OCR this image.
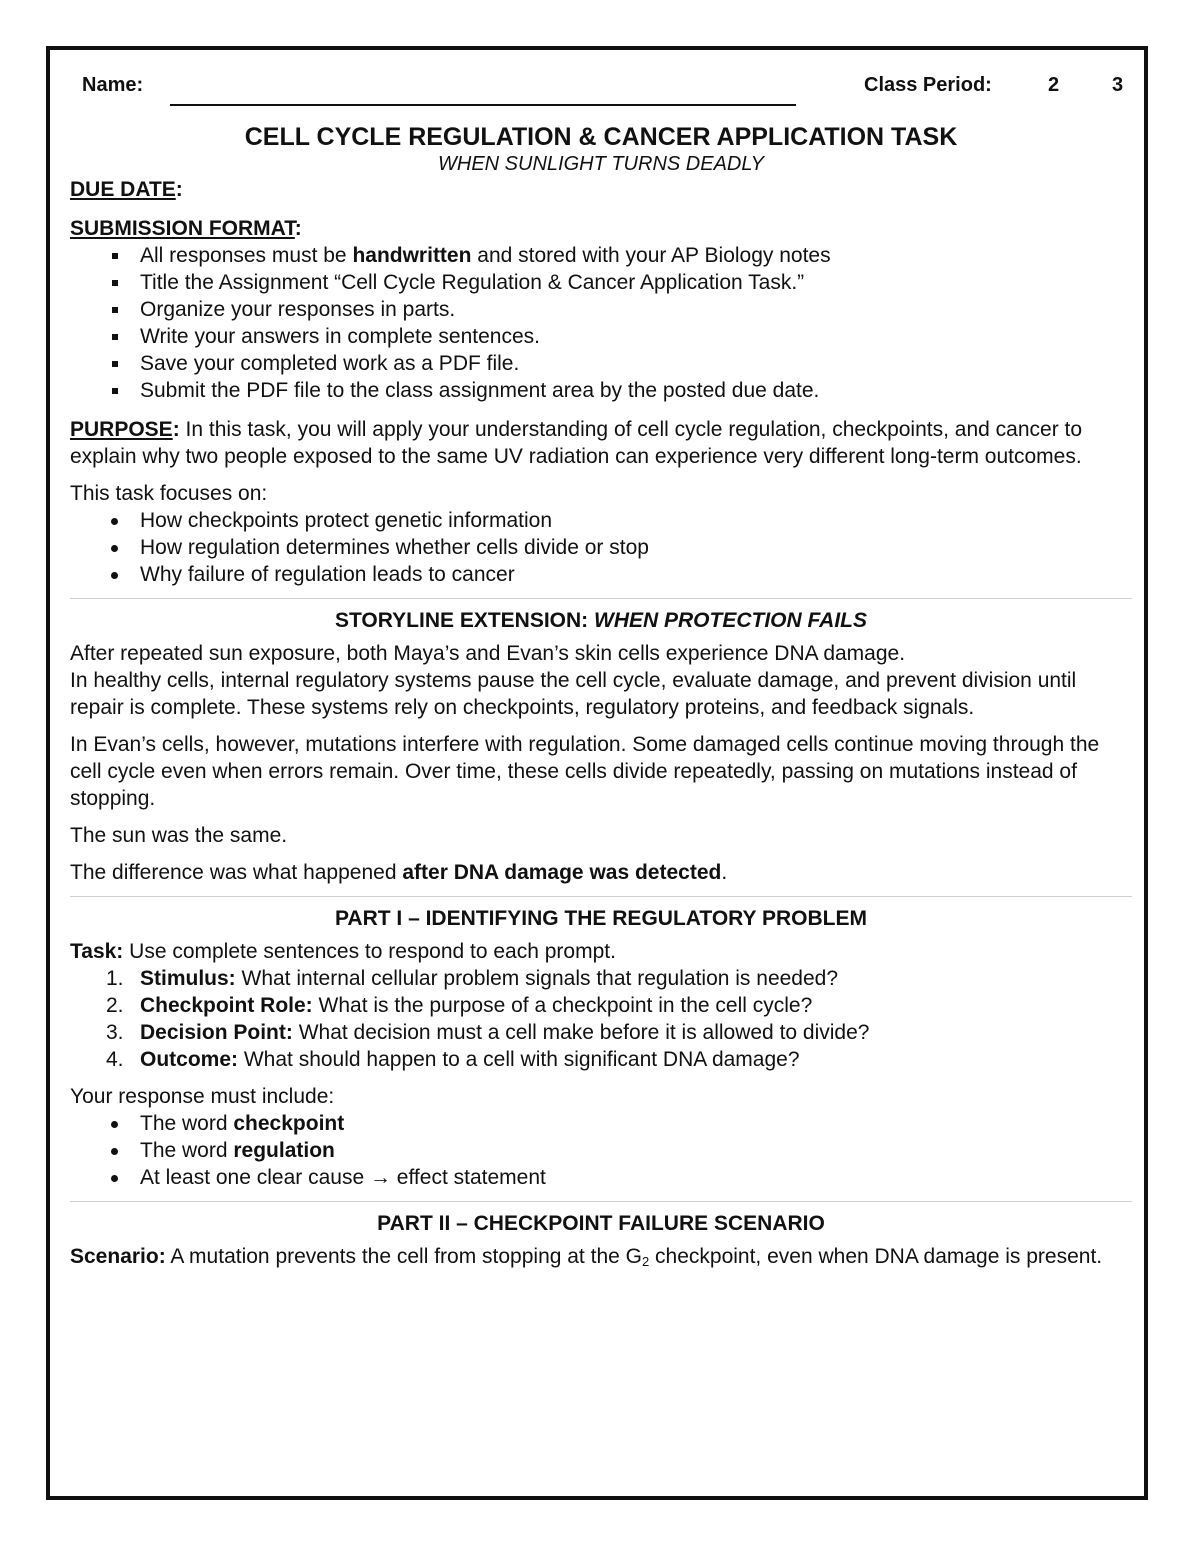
Name:	Class Period:	2	3
CELL CYCLE REGULATION & CANCER APPLICATION TASK
WHEN SUNLIGHT TURNS DEADLY

DUE DATE:

SUBMISSION FORMAT:

All responses must be handwritten and stored with your AP Biology notes
Title the Assignment “Cell Cycle Regulation & Cancer Application Task.”
Organize your responses in parts.
Write your answers in complete sentences.
Save your completed work as a PDF file.
Submit the PDF file to the class assignment area by the posted due date.

PURPOSE: In this task, you will apply your understanding of cell cycle regulation, checkpoints, and cancer to explain why two people exposed to the same UV radiation can experience very different long-term outcomes.

This task focuses on:

How checkpoints protect genetic information
How regulation determines whether cells divide or stop
Why failure of regulation leads to cancer
STORYLINE EXTENSION: WHEN PROTECTION FAILS

After repeated sun exposure, both Maya’s and Evan’s skin cells experience DNA damage.

In healthy cells, internal regulatory systems pause the cell cycle, evaluate damage, and prevent division until repair is complete. These systems rely on checkpoints, regulatory proteins, and feedback signals.

In Evan’s cells, however, mutations interfere with regulation. Some damaged cells continue moving through the cell cycle even when errors remain. Over time, these cells divide repeatedly, passing on mutations instead of stopping.

The sun was the same.

The difference was what happened after DNA damage was detected.

PART I – IDENTIFYING THE REGULATORY PROBLEM

Task: Use complete sentences to respond to each prompt.

1. Stimulus: What internal cellular problem signals that regulation is needed?
2. Checkpoint Role: What is the purpose of a checkpoint in the cell cycle?
3. Decision Point: What decision must a cell make before it is allowed to divide?
4. Outcome: What should happen to a cell with significant DNA damage?

Your response must include:

The word checkpoint
The word regulation
At least one clear cause → effect statement
PART II – CHECKPOINT FAILURE SCENARIO

Scenario: A mutation prevents the cell from stopping at the $G_2$ checkpoint, even when DNA damage is present.
